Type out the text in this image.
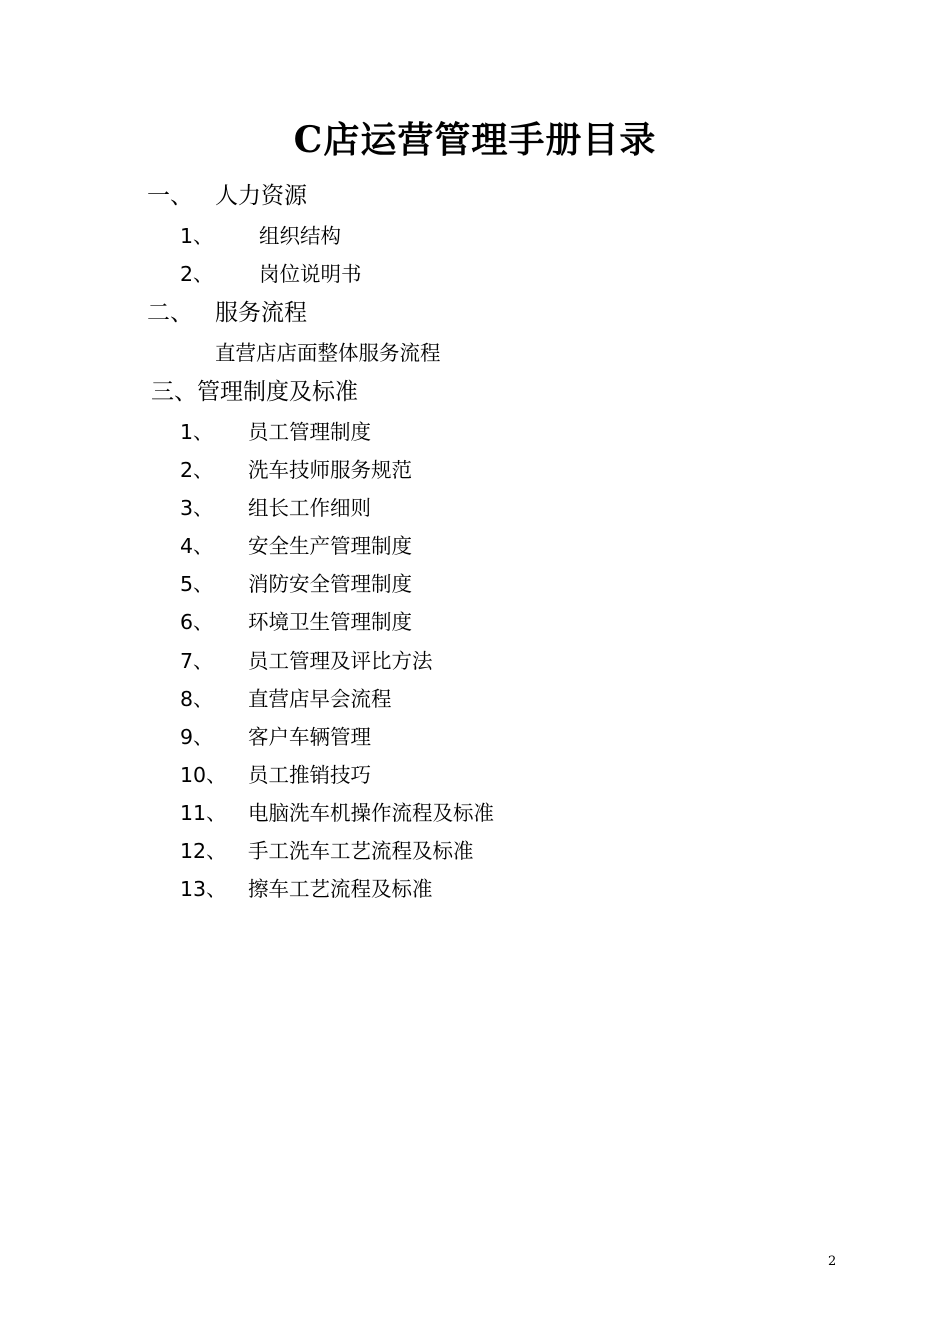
C店运营管理手册目录
一、 人力资源
1、 组织结构
2、 岗位说明书
二、 服务流程
直营店店面整体服务流程
三、管理制度及标准
1、 员工管理制度
2、 洗车技师服务规范
3、 组长工作细则
4、 安全生产管理制度
5、 消防安全管理制度
6、 环境卫生管理制度
7、 员工管理及评比方法
8、 直营店早会流程
9、 客户车辆管理
10、 员工推销技巧
11、 电脑洗车机操作流程及标准
12、 手工洗车工艺流程及标准
13、 擦车工艺流程及标准
2
